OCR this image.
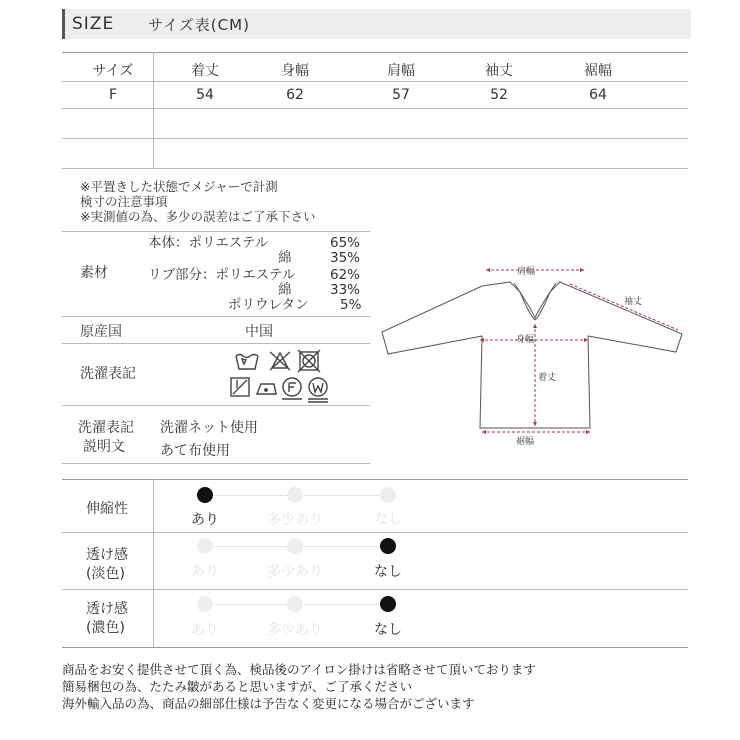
SIZE サイズ表(CM)
サイズ	着丈	身幅	肩幅	袖丈	裾幅
F	54	62	57	52	64
※平置きした状態でメジャーで計測
検寸の注意事項
※実測値の為、多少の誤差はご了承下さい
素材
本体：ポリエステル	65%
綿	35%
リブ部分：ポリエステル	62%
綿	33%
ポリウレタン 5%
原産国	中国
洗濯表記
洗濯表記
説明文
洗濯ネット使用
あて布使用
肩幅
袖丈
身幅
着丈
裾幅
伸縮性
あり	多少あり	なし
透け感
(淡色)	あり	多少あり	なし
透け感
(濃色)	あり	多少あり	なし
商品をお安く提供させて頂く為、検品後のアイロン掛けは省略させて頂いております
簡易梱包の為、たたみ皺があると思いますが、ご了承ください
海外輸入品の為、商品の細部仕様は予告なく変更になる場合がございます
